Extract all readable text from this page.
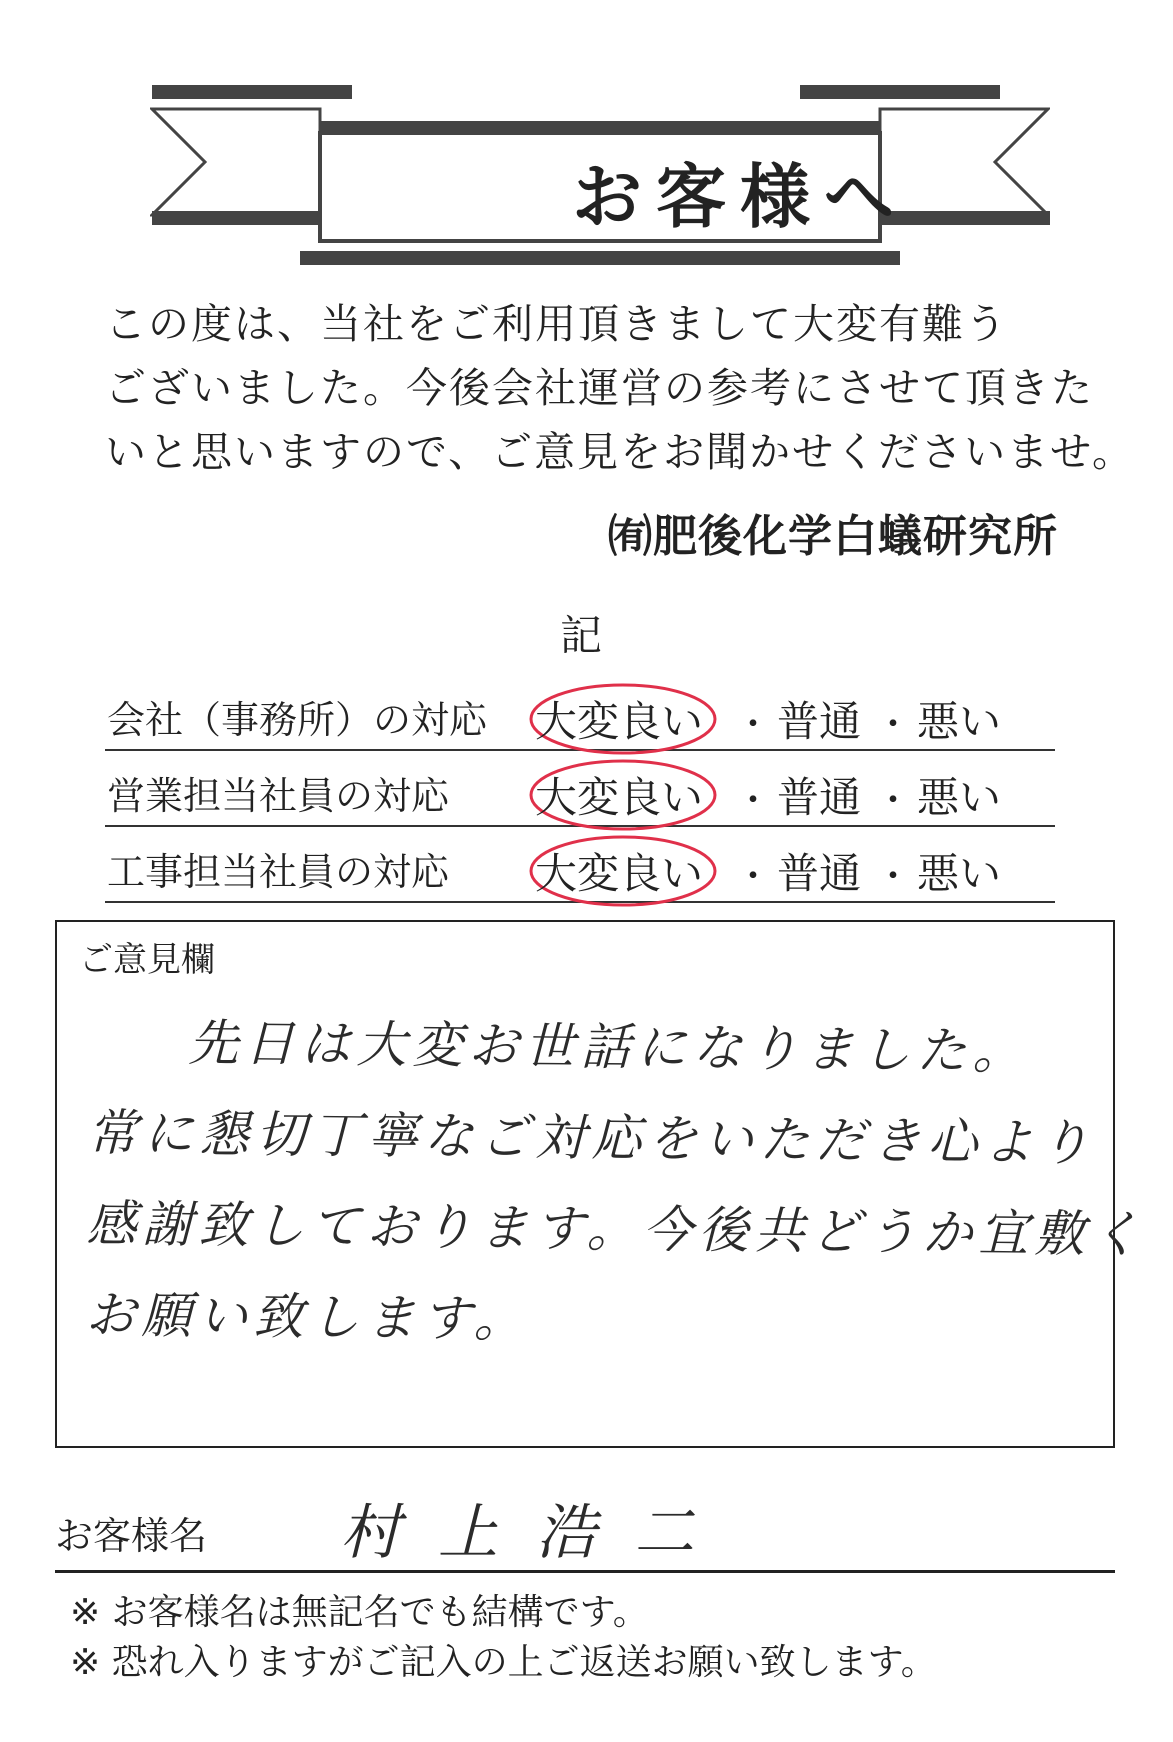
お客様へ

この度は、当社をご利用頂きまして大変有難う

ございました。今後会社運営の参考にさせて頂きた

いと思いますので、ご意見をお聞かせくださいませ。

㈲肥後化学白蟻研究所
記
会社（事務所）の対応 大変良い ・ 普通 ・ 悪い
営業担当社員の対応 大変良い ・ 普通 ・ 悪い
工事担当社員の対応 大変良い ・ 普通 ・ 悪い
ご意見欄

先日は大変お世話になりました。

常に懇切丁寧なご対応をいただき心より

感謝致しております。今後共どうか宜敷く

お願い致します。

お客様名 村上浩二

※ お客様名は無記名でも結構です。

※ 恐れ入りますがご記入の上ご返送お願い致します。
